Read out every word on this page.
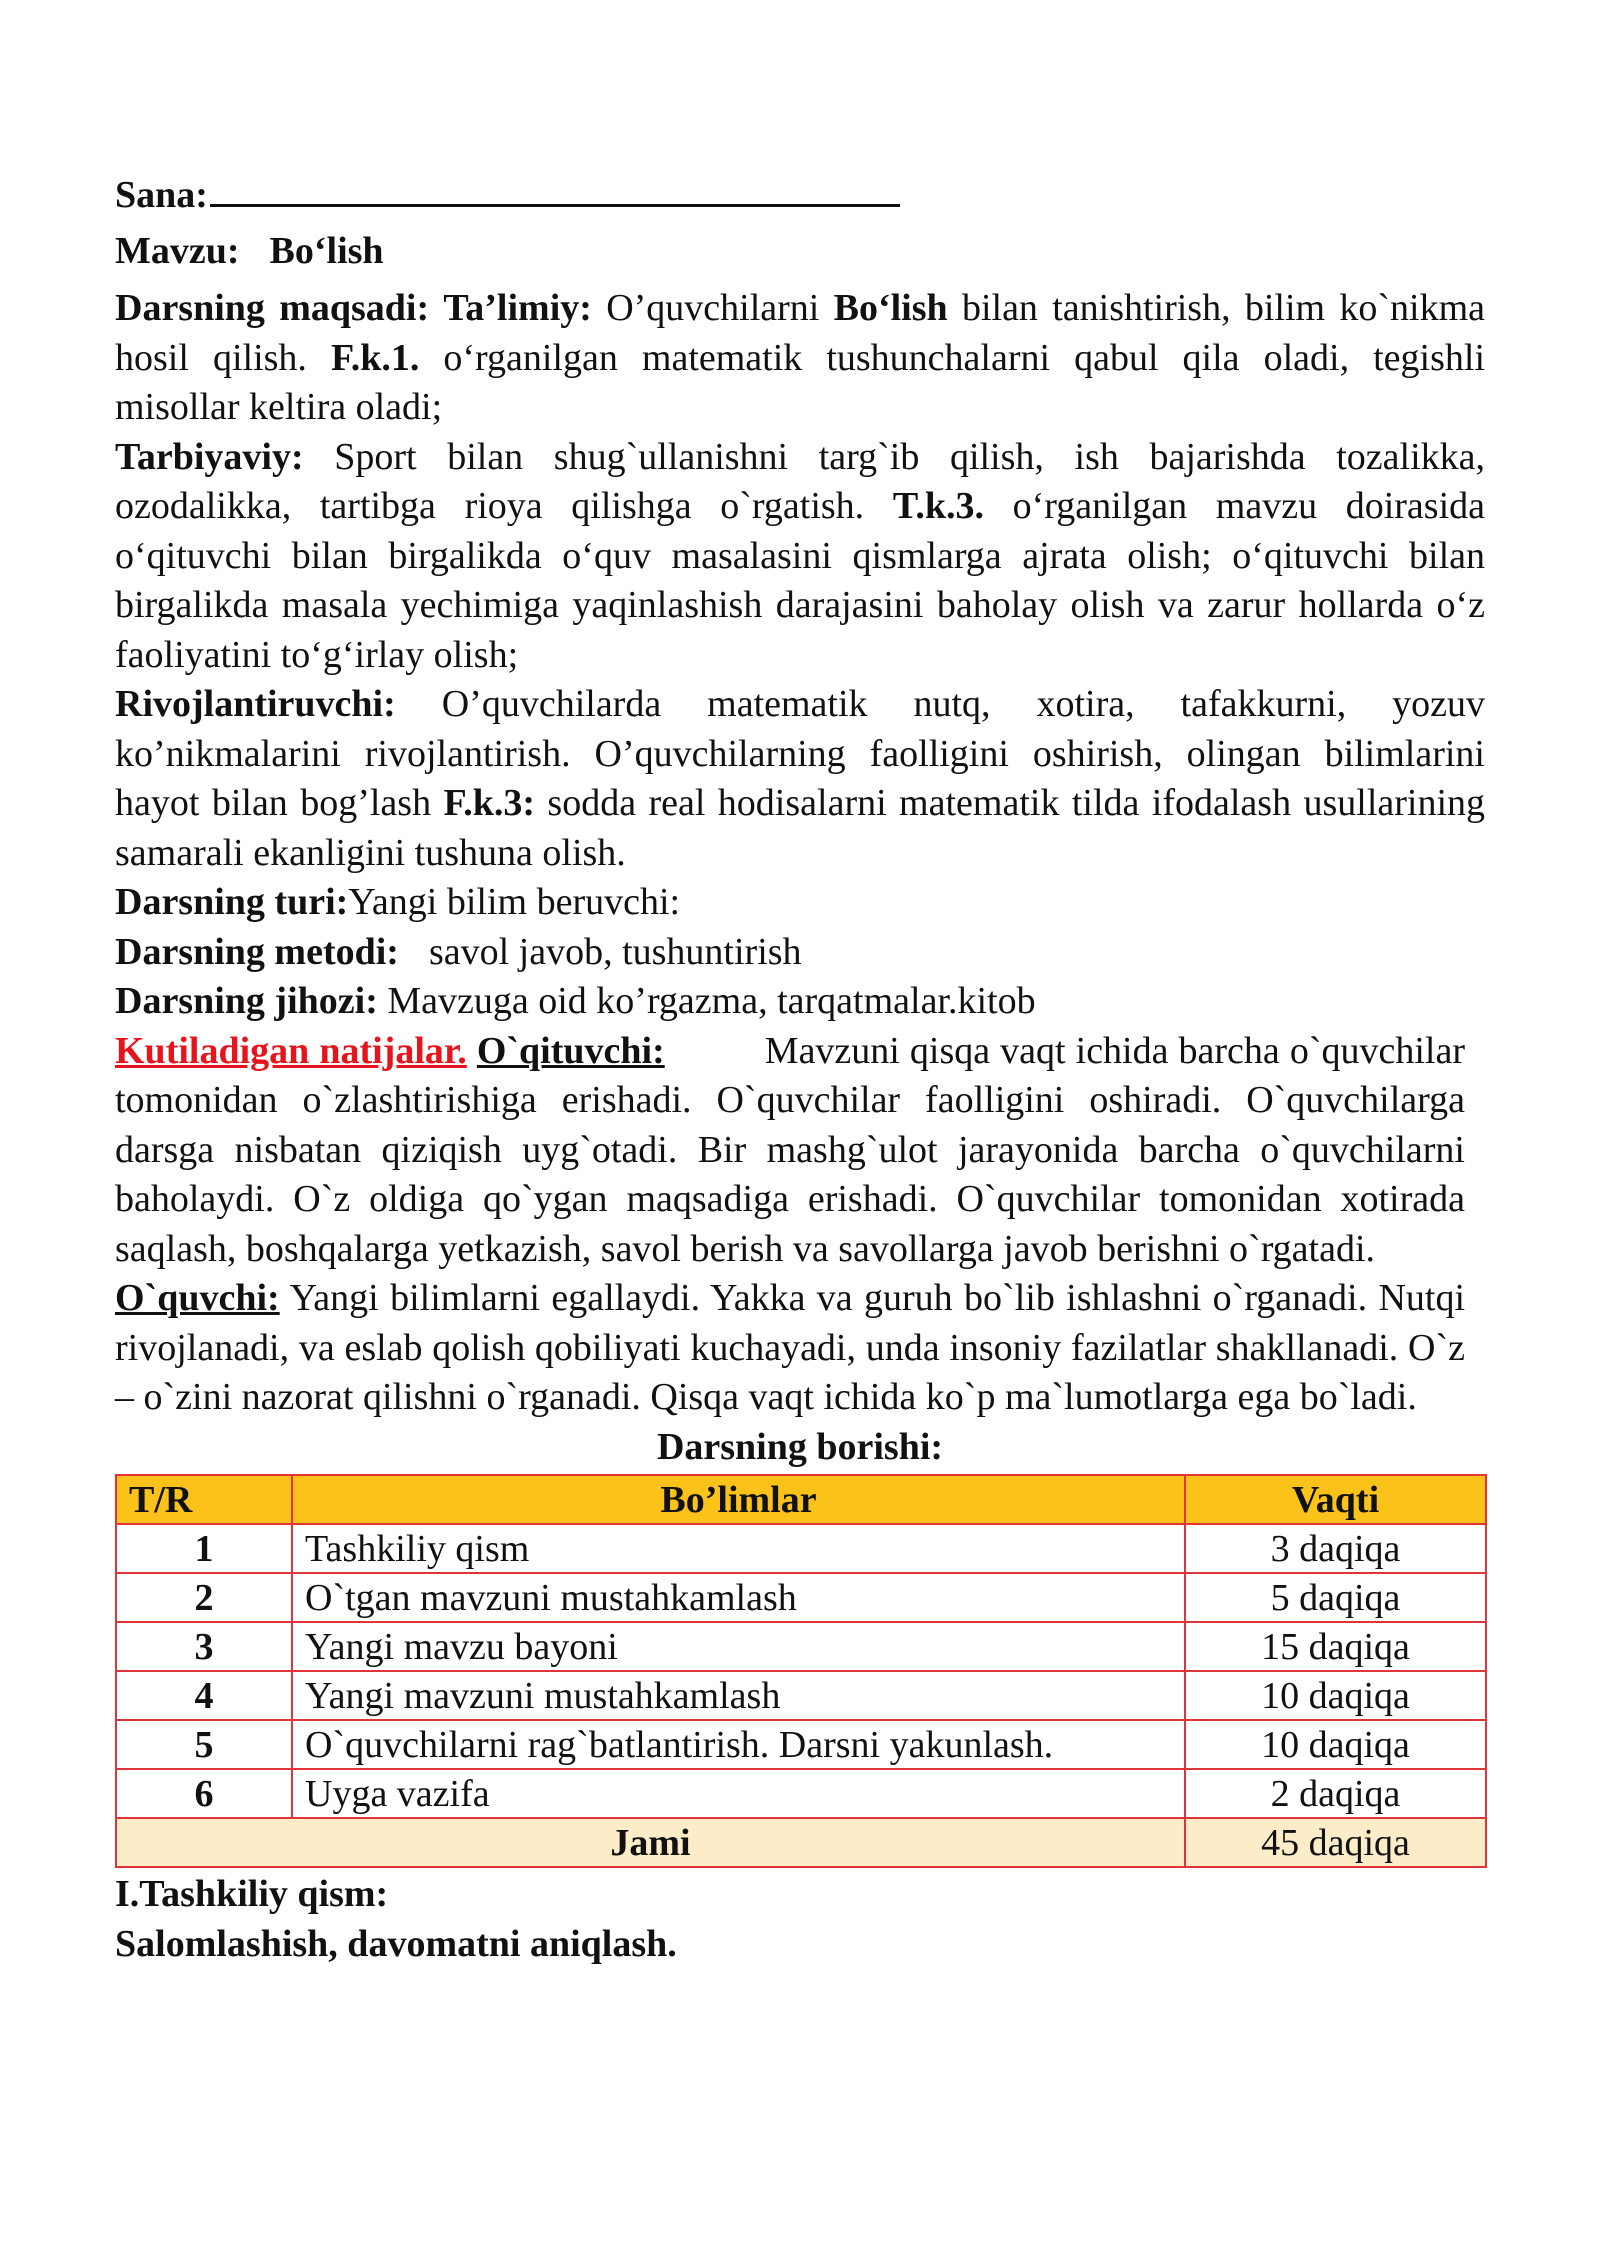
Sana:

Mavzu: Bo‘lish

Darsning maqsadi: Ta’limiy: O’quvchilarni Bo‘lish bilan tanishtirish, bilim ko`nikma hosil qilish. F.k.1. o‘rganilgan matematik tushunchalarni qabul qila oladi, tegishli misollar keltira oladi;

Tarbiyaviy: Sport bilan shug`ullanishni targ`ib qilish, ish bajarishda tozalikka, ozodalikka, tartibga rioya qilishga o`rgatish. T.k.3. o‘rganilgan mavzu doirasida o‘qituvchi bilan birgalikda o‘quv masalasini qismlarga ajrata olish; o‘qituvchi bilan birgalikda masala yechimiga yaqinlashish darajasini baholay olish va zarur hollarda o‘z faoliyatini to‘g‘irlay olish;

Rivojlantiruvchi: O’quvchilarda matematik nutq, xotira, tafakkurni, yozuv ko’nikmalarini rivojlantirish. O’quvchilarning faolligini oshirish, olingan bilimlarini hayot bilan bog’lash F.k.3: sodda real hodisalarni matematik tilda ifodalash usullarining samarali ekanligini tushuna olish.

Darsning turi:Yangi bilim beruvchi:

Darsning metodi: savol javob, tushuntirish

Darsning jihozi: Mavzuga oid ko’rgazma, tarqatmalar.kitob

Kutiladigan natijalar. O`qituvchi:	Mavzuni qisqa vaqt ichida barcha o`quvchilar tomonidan o`zlashtirishiga erishadi. O`quvchilar faolligini oshiradi. O`quvchilarga darsga nisbatan qiziqish uyg`otadi. Bir mashg`ulot jarayonida barcha o`quvchilarni baholaydi. O`z oldiga qo`ygan maqsadiga erishadi. O`quvchilar tomonidan xotirada saqlash, boshqalarga yetkazish, savol berish va savollarga javob berishni o`rgatadi.

O`quvchi: Yangi bilimlarni egallaydi. Yakka va guruh bo`lib ishlashni o`rganadi. Nutqi rivojlanadi, va eslab qolish qobiliyati kuchayadi, unda insoniy fazilatlar shakllanadi. O`z – o`zini nazorat qilishni o`rganadi. Qisqa vaqt ichida ko`p ma`lumotlarga ega bo`ladi.

Darsning borishi:

T/R	Bo’limlar	Vaqti
1	Tashkiliy qism	3 daqiqa
2	O`tgan mavzuni mustahkamlash	5 daqiqa
3	Yangi mavzu bayoni	15 daqiqa
4	Yangi mavzuni mustahkamlash	10 daqiqa
5	O`quvchilarni rag`batlantirish. Darsni yakunlash.	10 daqiqa
6	Uyga vazifa	2 daqiqa
Jami		45 daqiqa

I.Tashkiliy qism:

Salomlashish, davomatni aniqlash.
